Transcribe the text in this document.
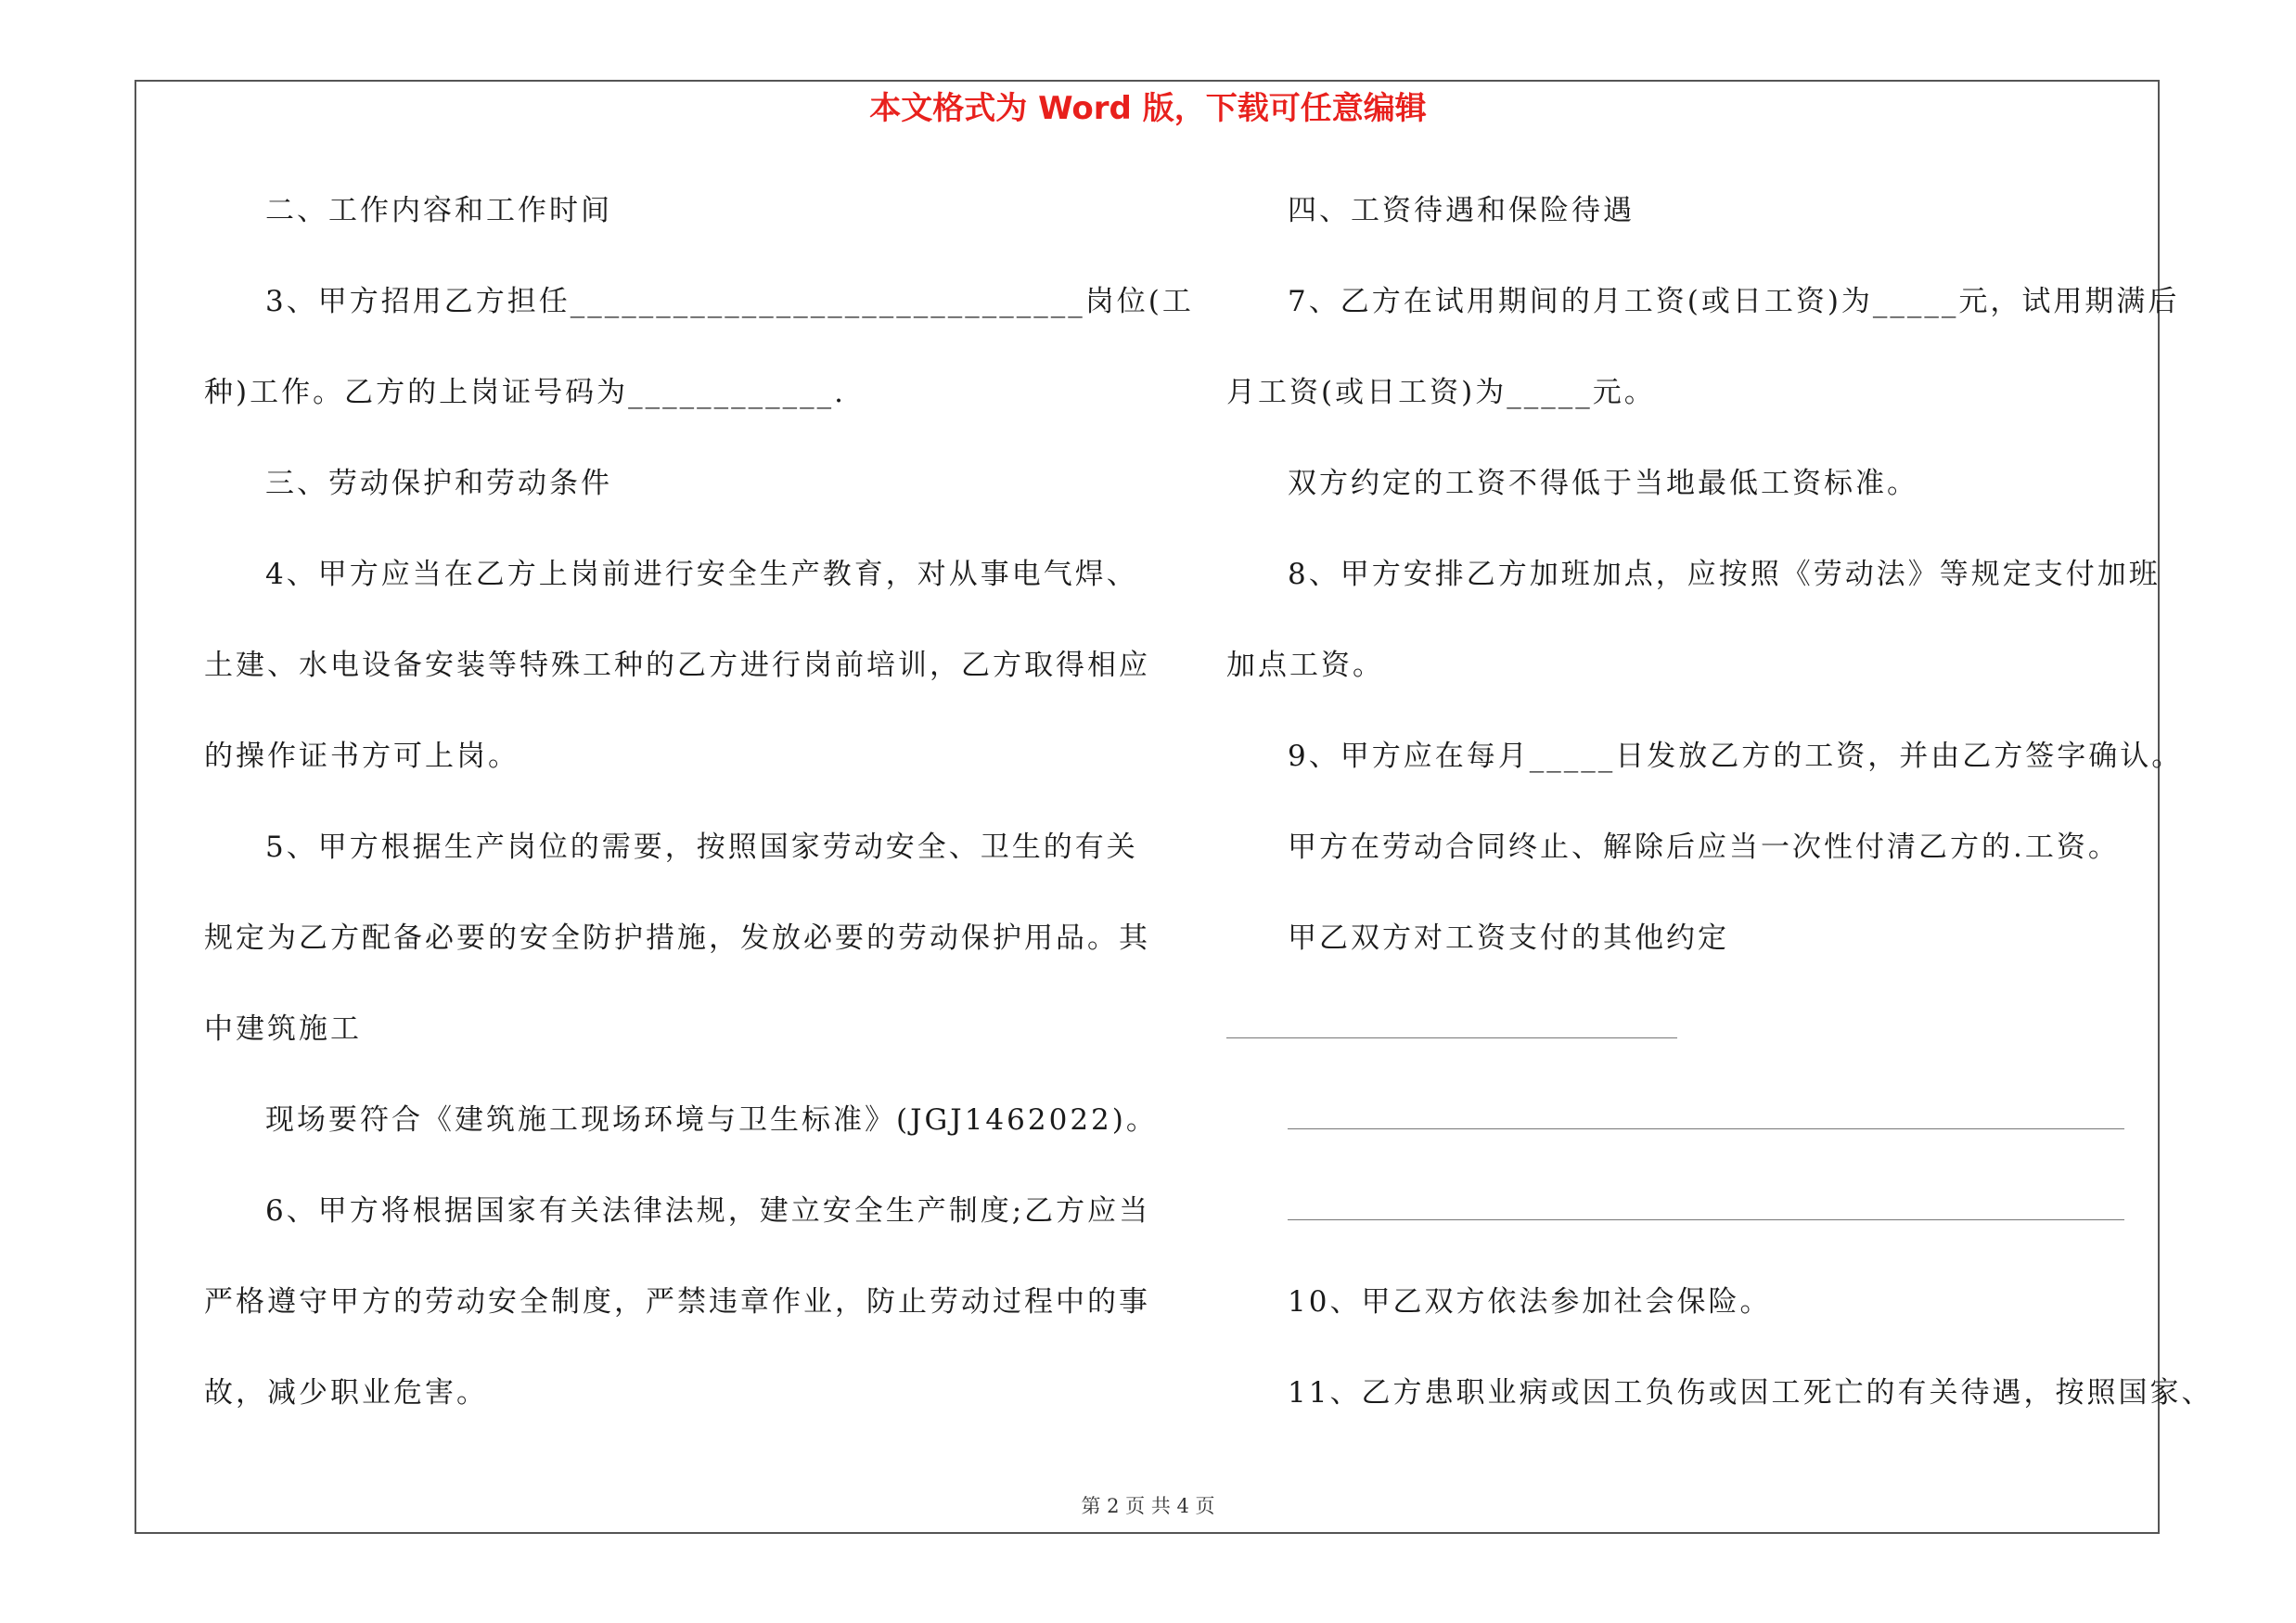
本文格式为 Word 版，下载可任意编辑
二、工作内容和工作时间
3、甲方招用乙方担任______________________________岗位(工
种)工作。乙方的上岗证号码为____________.
三、劳动保护和劳动条件
4、甲方应当在乙方上岗前进行安全生产教育，对从事电气焊、
土建、水电设备安装等特殊工种的乙方进行岗前培训，乙方取得相应
的操作证书方可上岗。
5、甲方根据生产岗位的需要，按照国家劳动安全、卫生的有关
规定为乙方配备必要的安全防护措施，发放必要的劳动保护用品。其
中建筑施工
现场要符合《建筑施工现场环境与卫生标准》(JGJ1462022)。
6、甲方将根据国家有关法律法规，建立安全生产制度;乙方应当
严格遵守甲方的劳动安全制度，严禁违章作业，防止劳动过程中的事
故，减少职业危害。
四、工资待遇和保险待遇
7、乙方在试用期间的月工资(或日工资)为_____元，试用期满后
月工资(或日工资)为_____元。
双方约定的工资不得低于当地最低工资标准。
8、甲方安排乙方加班加点，应按照《劳动法》等规定支付加班
加点工资。
9、甲方应在每月_____日发放乙方的工资，并由乙方签字确认。
甲方在劳动合同终止、解除后应当一次性付清乙方的.工资。
甲乙双方对工资支付的其他约定
10、甲乙双方依法参加社会保险。
11、乙方患职业病或因工负伤或因工死亡的有关待遇，按照国家、
第 2 页 共 4 页
